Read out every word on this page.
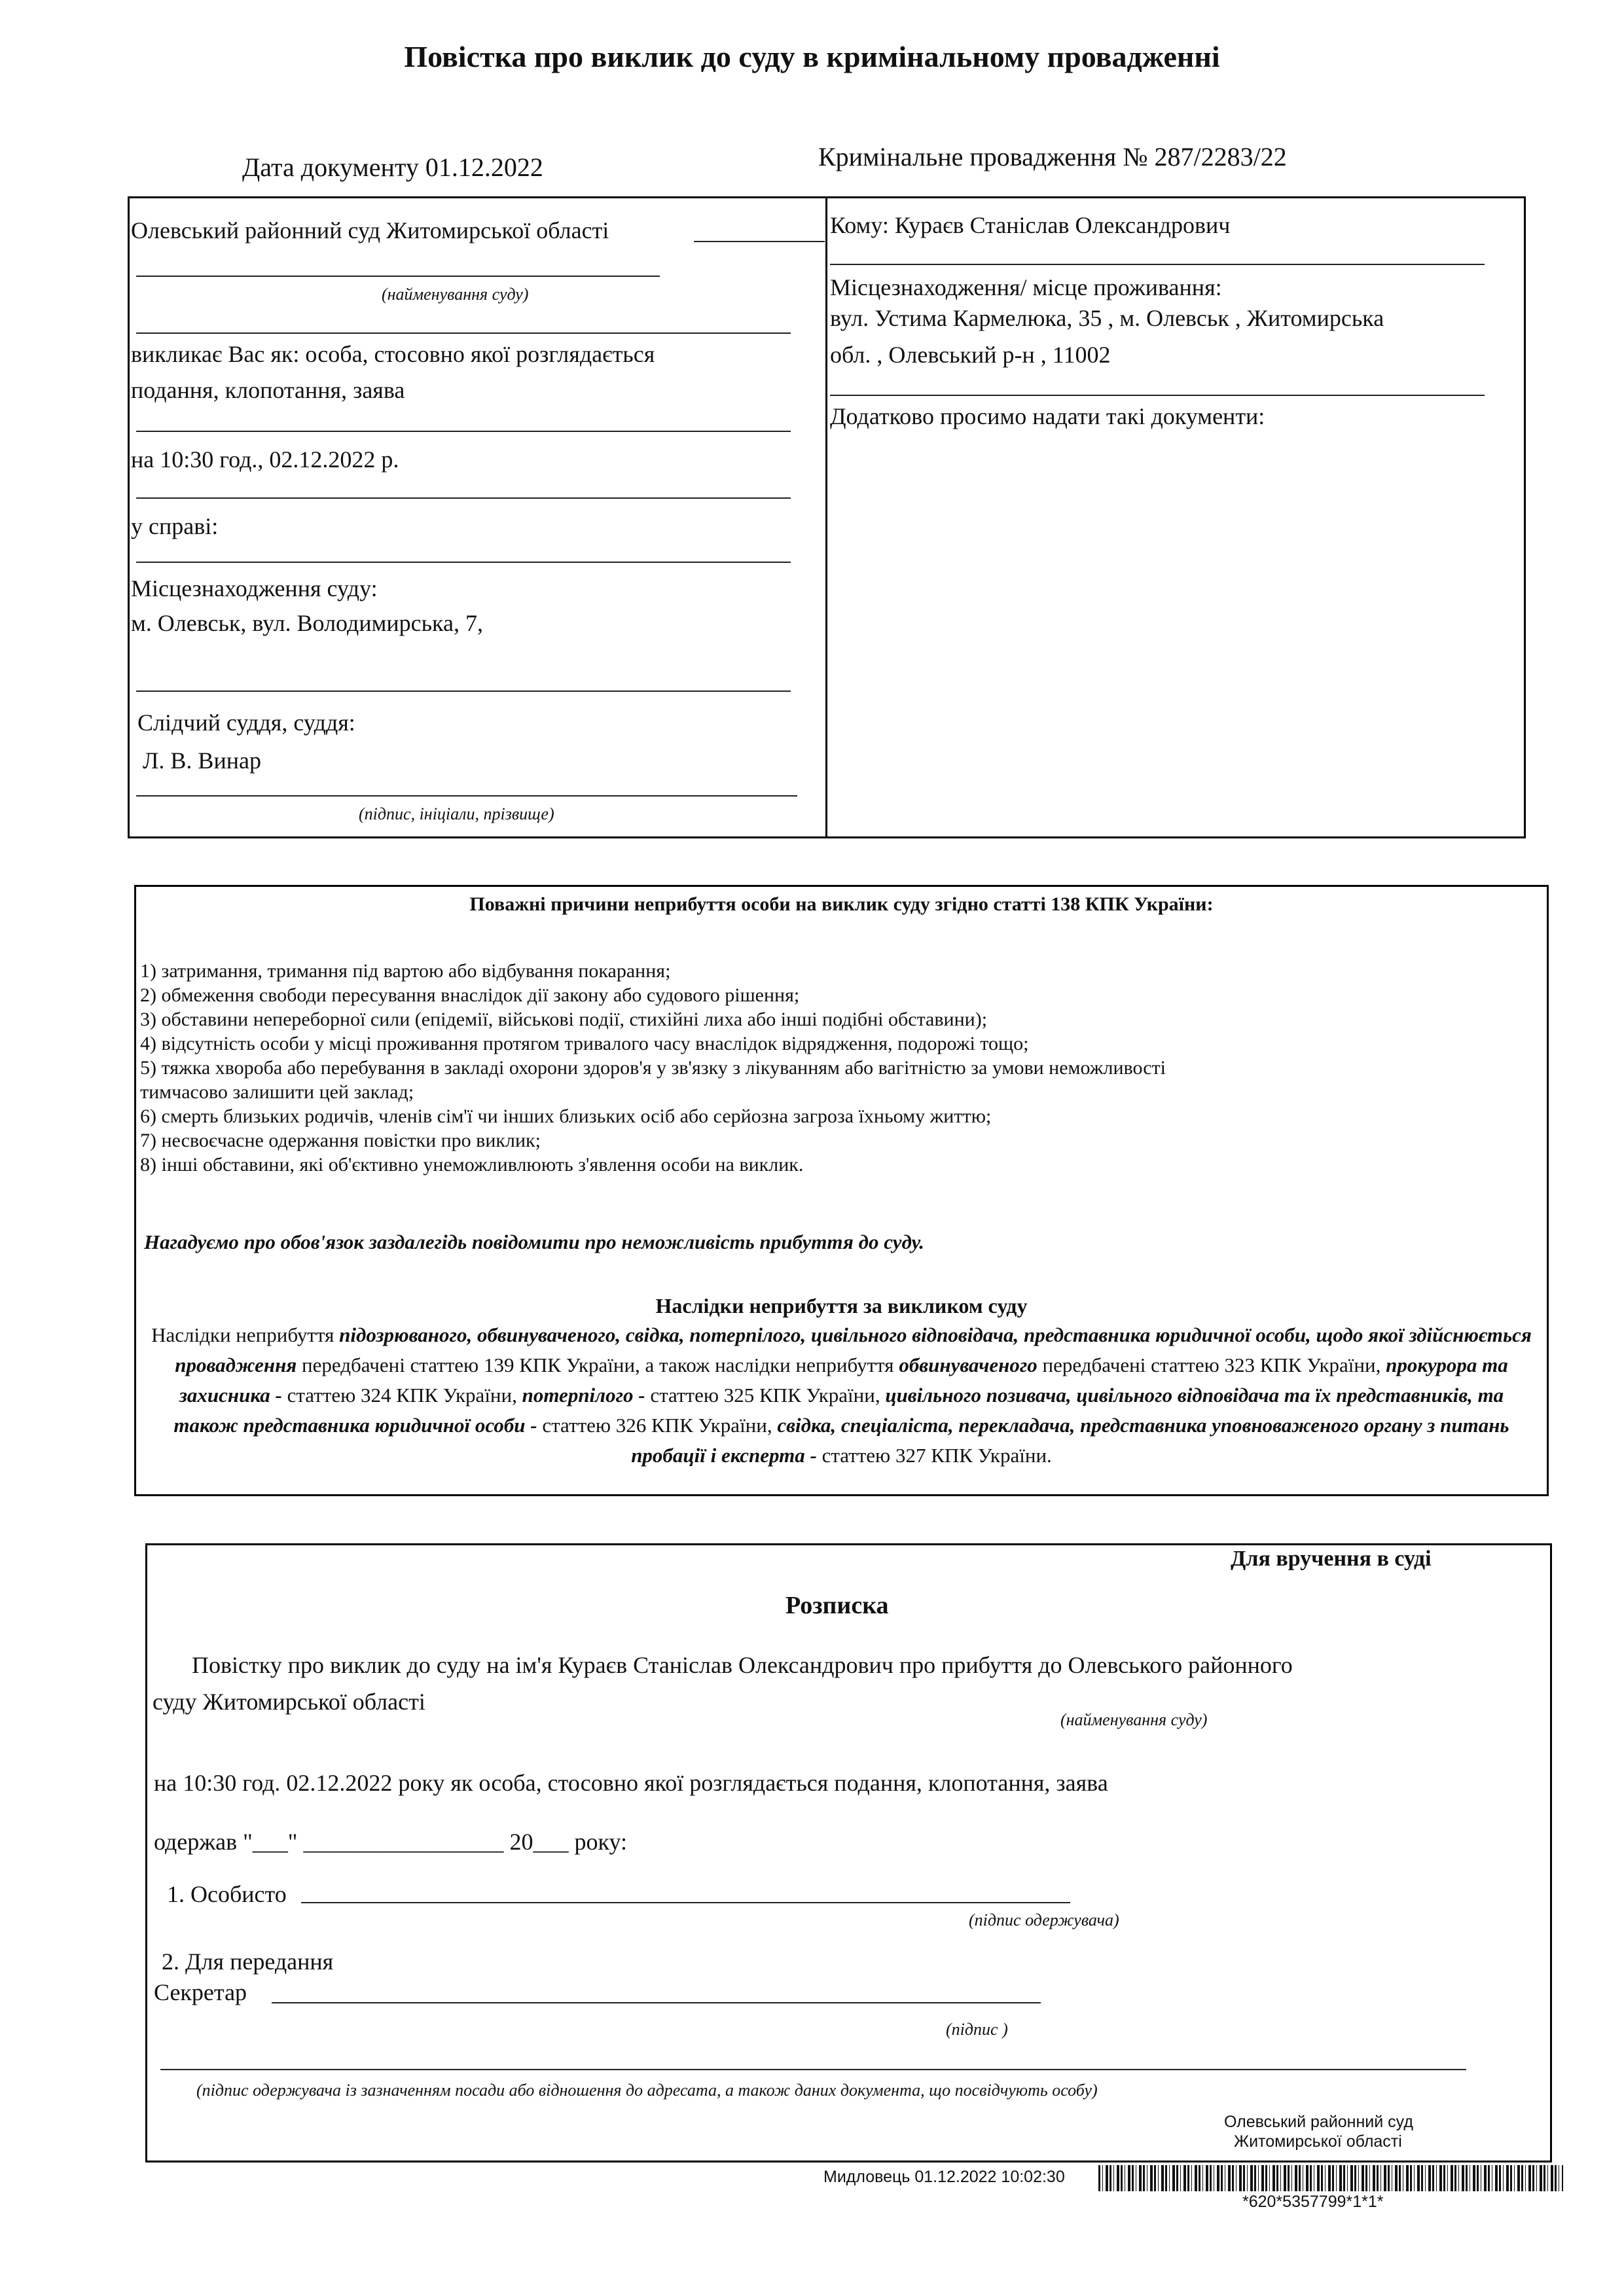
Повістка про виклик до суду в кримінальному провадженні
Дата документу 01.12.2022	Кримінальне провадження № 287/2283/22
Олевський районний суд Житомирської області
(найменування суду)
викликає Вас як: особа, стосовно якої розглядається
подання, клопотання, заява
на 10:30 год., 02.12.2022 р.
у справі:
Місцезнаходження суду:
м. Олевськ, вул. Володимирська, 7,
Слідчий суддя, суддя:
Л. В. Винар
(підпис, ініціали, прізвище)
Кому: Кураєв Станіслав Олександрович
Місцезнаходження/ місце проживання:
вул. Устима Кармелюка, 35 , м. Олевськ , Житомирська
обл. , Олевський р-н , 11002
Додатково просимо надати такі документи:
Поважні причини неприбуття особи на виклик суду згідно статті 138 КПК України:
1) затримання, тримання під вартою або відбування покарання;
2) обмеження свободи пересування внаслідок дії закону або судового рішення;
3) обставини непереборної сили (епідемії, військові події, стихійні лиха або інші подібні обставини);
4) відсутність особи у місці проживання протягом тривалого часу внаслідок відрядження, подорожі тощо;
5) тяжка хвороба або перебування в закладі охорони здоров'я у зв'язку з лікуванням або вагітністю за умови неможливості
тимчасово залишити цей заклад;
6) смерть близьких родичів, членів сім'ї чи інших близьких осіб або серйозна загроза їхньому життю;
7) несвоєчасне одержання повістки про виклик;
8) інші обставини, які об'єктивно унеможливлюють з'явлення особи на виклик.
Нагадуємо про обов'язок заздалегідь повідомити про неможливість прибуття до суду.
Наслідки неприбуття за викликом суду
Наслідки неприбуття підозрюваного, обвинуваченого, свідка, потерпілого, цивільного відповідача, представника юридичної особи, щодо якої здійснюється провадження передбачені статтею 139 КПК України, а також наслідки неприбуття обвинуваченого передбачені статтею 323 КПК України, прокурора та захисника - статтею 324 КПК України, потерпілого - статтею 325 КПК України, цивільного позивача, цивільного відповідача та їх представників, та також представника юридичної особи - статтею 326 КПК України, свідка, спеціаліста, перекладача, представника уповноваженого органу з питань пробації і експерта - статтею 327 КПК України.
Для вручення в суді
Розписка
Повістку про виклик до суду на ім'я Кураєв Станіслав Олександрович про прибуття до Олевського районного
суду Житомирської області
(найменування суду)
на 10:30 год. 02.12.2022 року як особа, стосовно якої розглядається подання, клопотання, заява
одержав "___" _________________ 20___ року:
1. Особисто
(підпис одержувача)
2. Для передання
Секретар
(підпис )
(підпис одержувача із зазначенням посади або відношення до адресата, а також даних документа, що посвідчують особу)
Олевський районний суд
Житомирської області
Мидловець 01.12.2022 10:02:30
*620*5357799*1*1*
